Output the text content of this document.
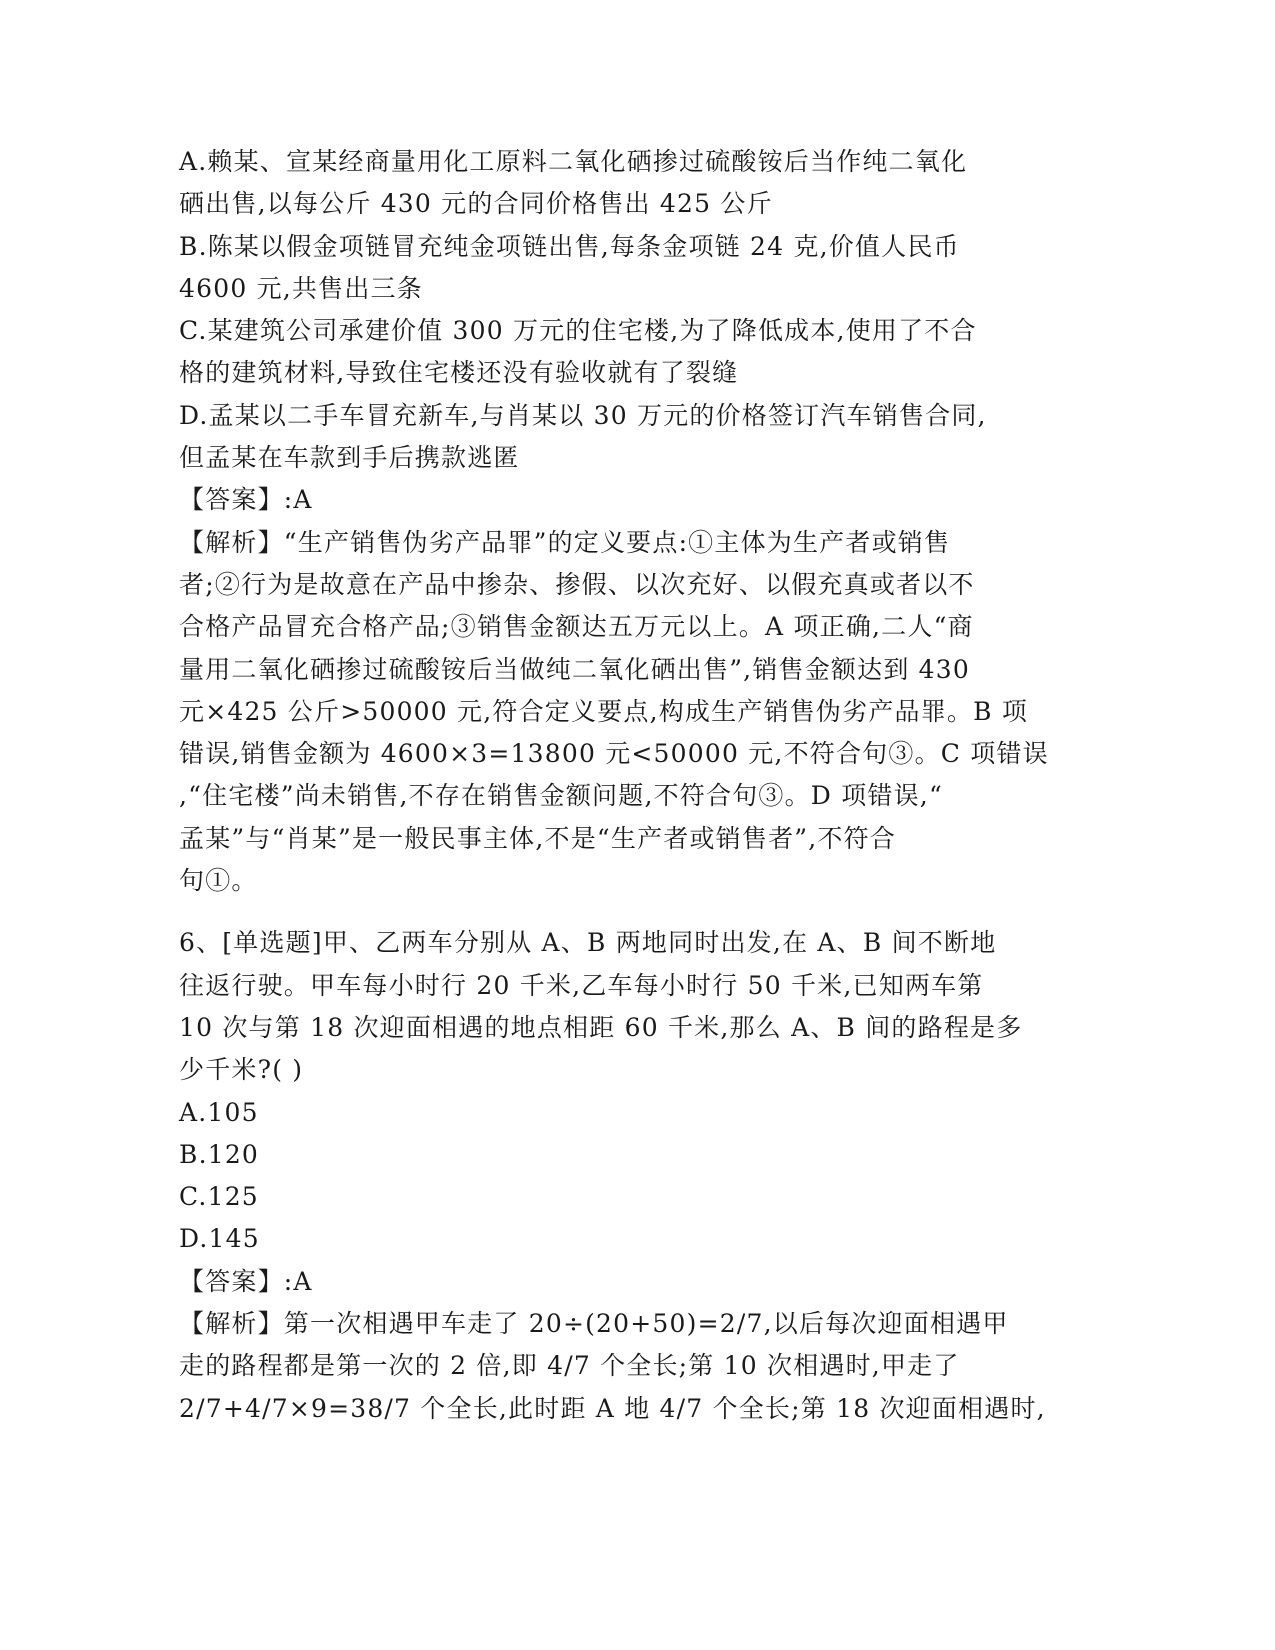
A.赖某、宣某经商量用化工原料二氧化硒掺过硫酸铵后当作纯二氧化
硒出售,以每公斤 430 元的合同价格售出 425 公斤
B.陈某以假金项链冒充纯金项链出售,每条金项链 24 克,价值人民币
4600 元,共售出三条
C.某建筑公司承建价值 300 万元的住宅楼,为了降低成本,使用了不合
格的建筑材料,导致住宅楼还没有验收就有了裂缝
D.孟某以二手车冒充新车,与肖某以 30 万元的价格签订汽车销售合同,
但孟某在车款到手后携款逃匿
【答案】:A
【解析】“生产销售伪劣产品罪”的定义要点:①主体为生产者或销售
者;②行为是故意在产品中掺杂、掺假、以次充好、以假充真或者以不
合格产品冒充合格产品;③销售金额达五万元以上。A 项正确,二人“商
量用二氧化硒掺过硫酸铵后当做纯二氧化硒出售”,销售金额达到 430
元×425 公斤>50000 元,符合定义要点,构成生产销售伪劣产品罪。B 项
错误,销售金额为 4600×3=13800 元<50000 元,不符合句③。C 项错误
,“住宅楼”尚未销售,不存在销售金额问题,不符合句③。D 项错误,“
孟某”与“肖某”是一般民事主体,不是“生产者或销售者”,不符合
句①。
6、[单选题]甲、乙两车分别从 A、B 两地同时出发,在 A、B 间不断地
往返行驶。甲车每小时行 20 千米,乙车每小时行 50 千米,已知两车第
10 次与第 18 次迎面相遇的地点相距 60 千米,那么 A、B 间的路程是多
少千米?( )
A.105
B.120
C.125
D.145
【答案】:A
【解析】第一次相遇甲车走了 20÷(20+50)=2/7,以后每次迎面相遇甲
走的路程都是第一次的 2 倍,即 4/7 个全长;第 10 次相遇时,甲走了
2/7+4/7×9=38/7 个全长,此时距 A 地 4/7 个全长;第 18 次迎面相遇时,
